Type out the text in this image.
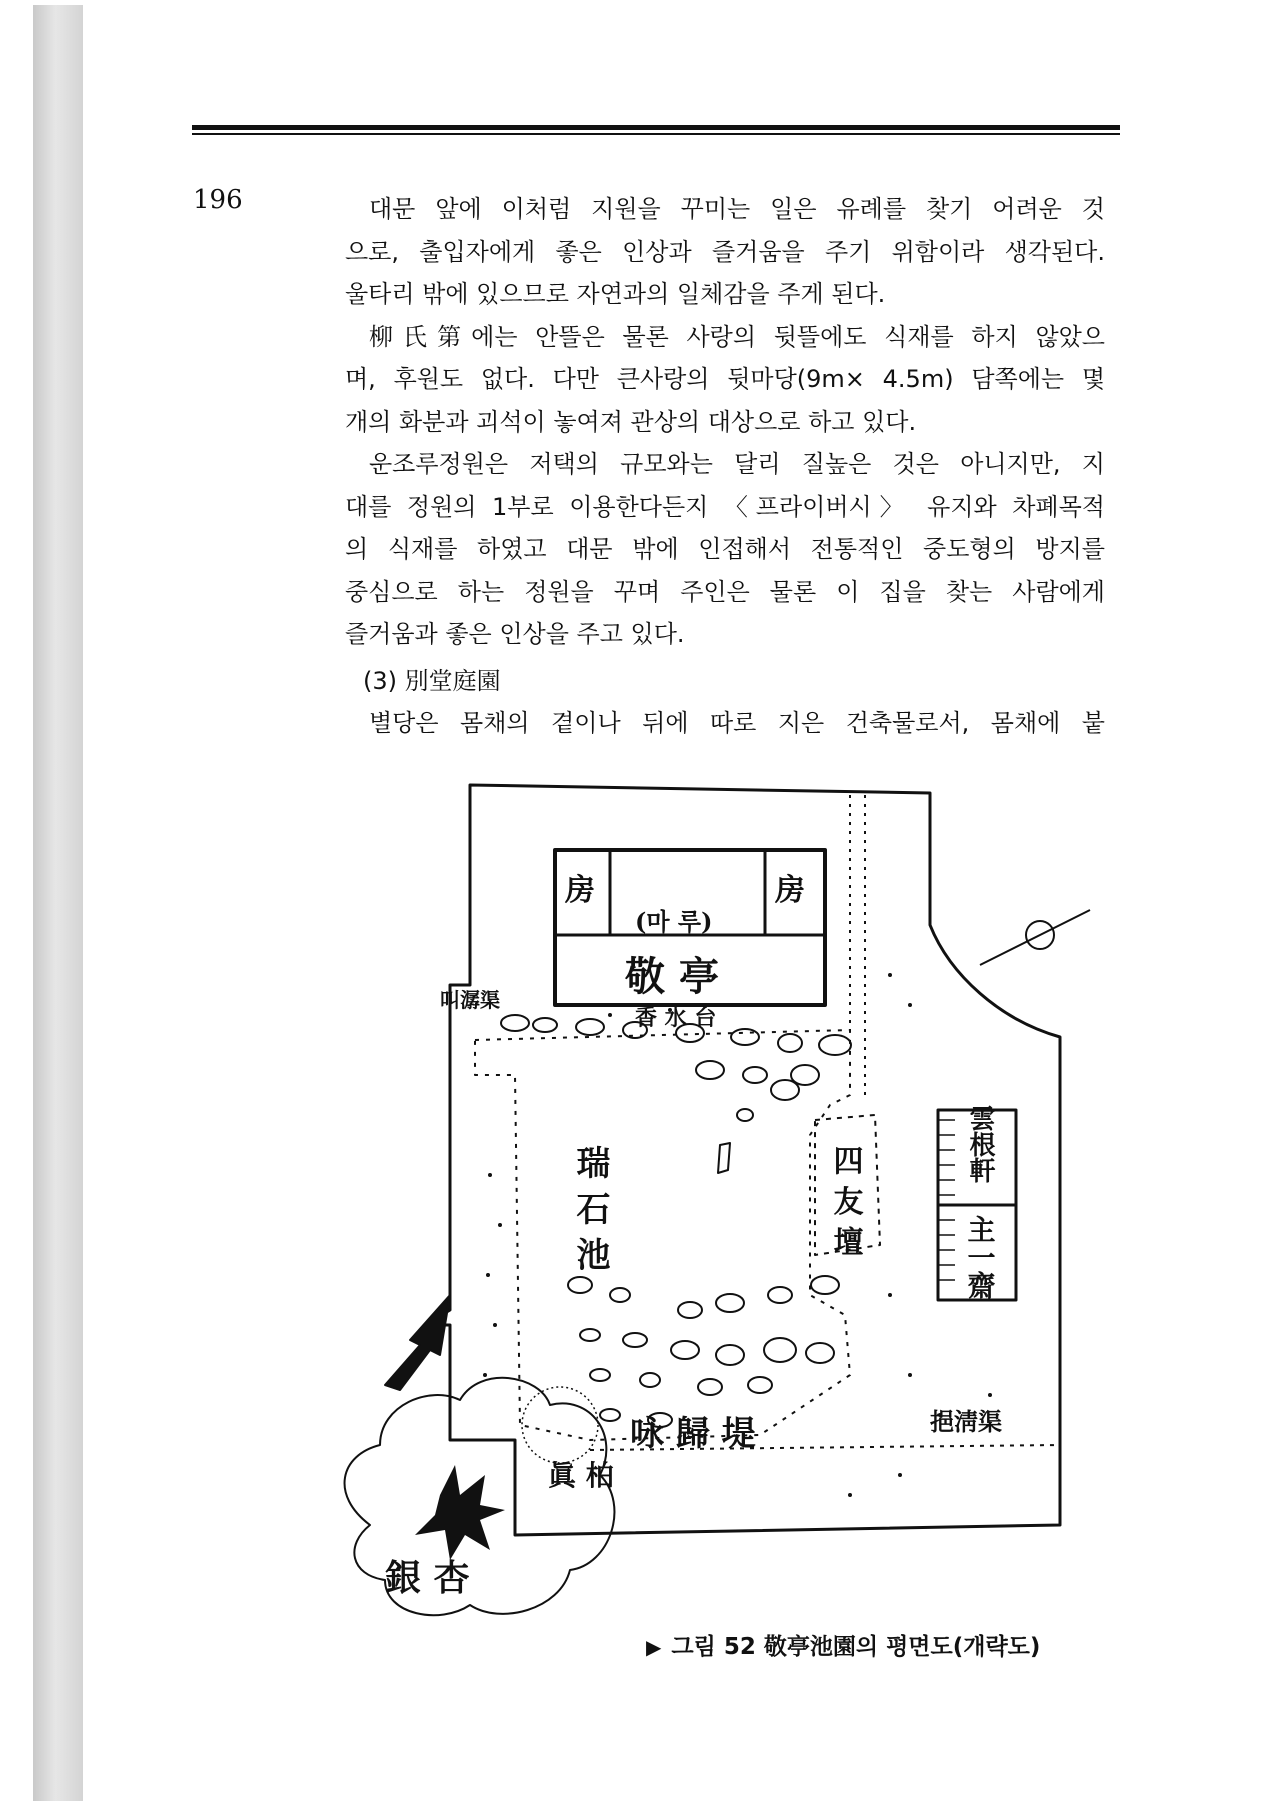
196	대문 앞에 이처럼 지원을 꾸미는 일은 유례를 찾기 어려운 것

으로, 출입자에게 좋은 인상과 즐거움을 주기 위함이라 생각된다.

울타리 밖에 있으므로 자연과의 일체감을 주게 된다.

柳氏第에는 안뜰은 물론 사랑의 뒷뜰에도 식재를 하지 않았으

며, 후원도 없다. 다만 큰사랑의 뒷마당(9m× 4.5m) 담쪽에는 몇

개의 화분과 괴석이 놓여져 관상의 대상으로 하고 있다.

운조루정원은 저택의 규모와는 달리 질높은 것은 아니지만, 지

대를 정원의 1부로 이용한다든지 〈프라이버시〉 유지와 차폐목적

의 식재를 하였고 대문 밖에 인접해서 전통적인 중도형의 방지를

중심으로 하는 정원을 꾸며 주인은 물론 이 집을 찾는 사람에게

즐거움과 좋은 인상을 주고 있다.

(3) 別堂庭園

별당은 몸채의 곁이나 뒤에 따로 지은 건축물로서, 몸채에 붙

房	房
(마 루)
敬 亭
香 水 台
叫潺渠
瑞 石 池	四 友 壇
雲根軒
主一齋
眞 柏
咏 歸 堤	挹淸渠
銀 杏
▶ 그림 52 敬亭池園의 평면도(개략도)
